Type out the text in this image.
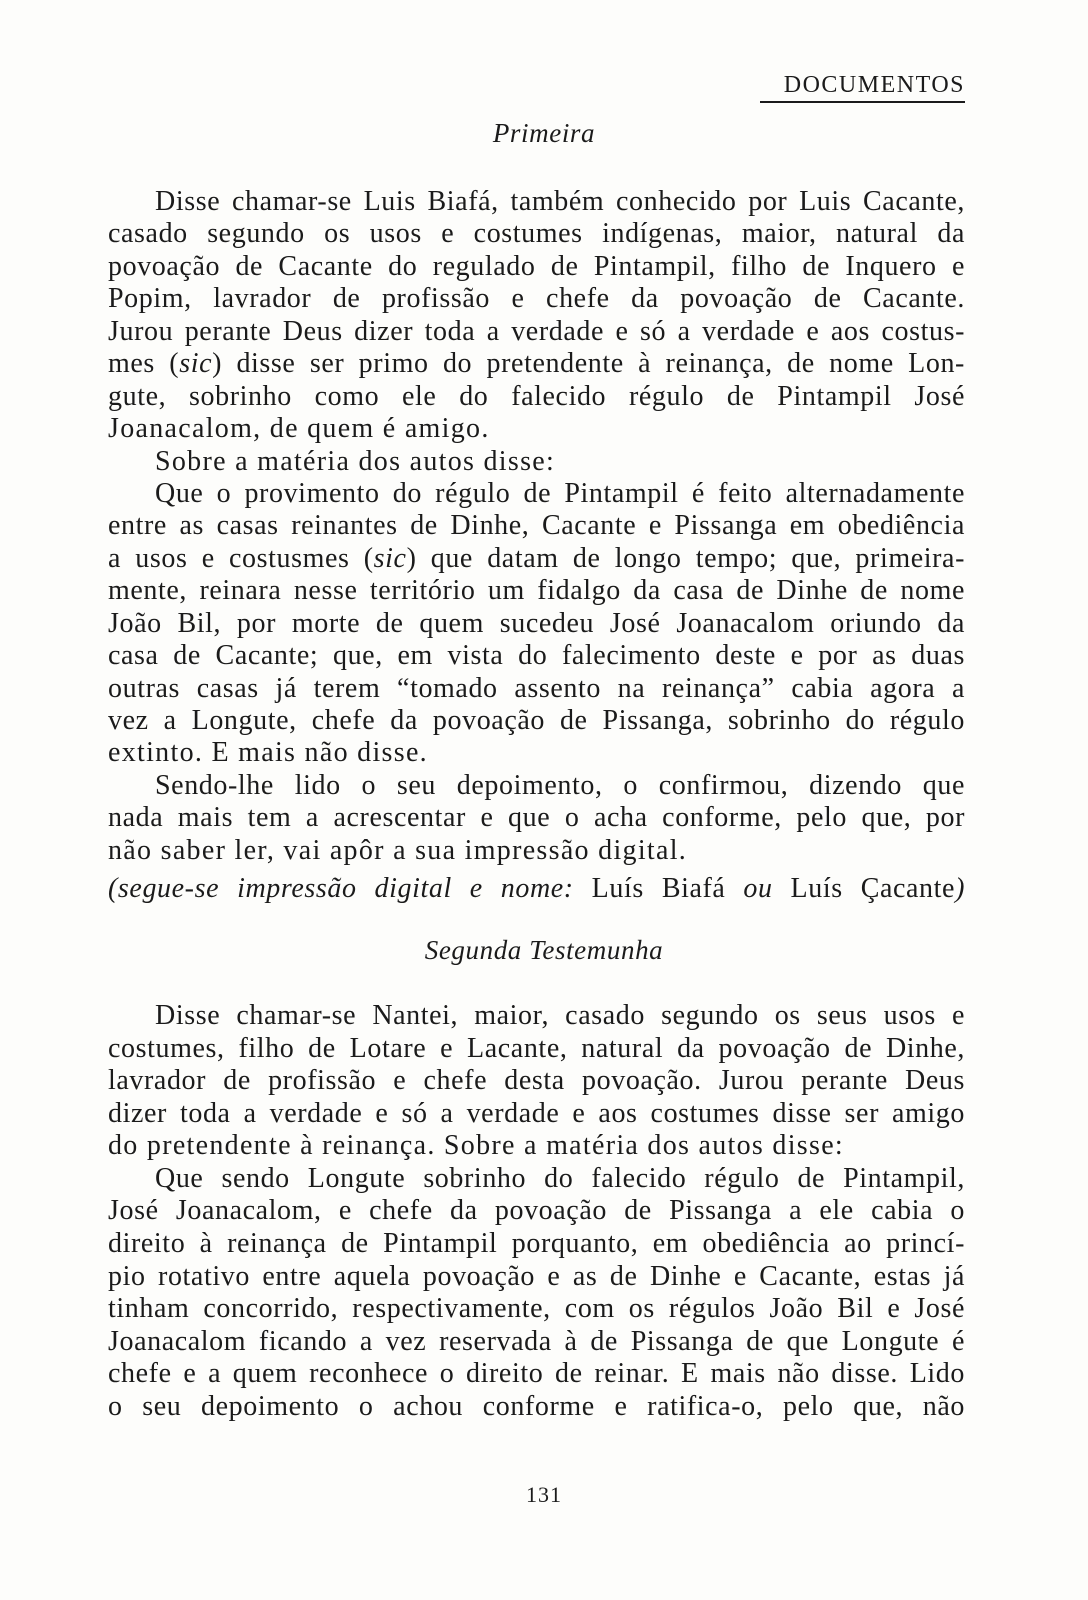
DOCUMENTOS
Primeira
Disse chamar-se Luis Biafá, também conhecido por Luis Cacante,
casado segundo os usos e costumes indígenas, maior, natural da
povoação de Cacante do regulado de Pintampil, filho de Inquero e
Popim, lavrador de profissão e chefe da povoação de Cacante.
Jurou perante Deus dizer toda a verdade e só a verdade e aos costus-
mes (sic) disse ser primo do pretendente à reinança, de nome Lon-
gute, sobrinho como ele do falecido régulo de Pintampil José
Joanacalom, de quem é amigo.
Sobre a matéria dos autos disse:
Que o provimento do régulo de Pintampil é feito alternadamente
entre as casas reinantes de Dinhe, Cacante e Pissanga em obediência
a usos e costusmes (sic) que datam de longo tempo; que, primeira-
mente, reinara nesse território um fidalgo da casa de Dinhe de nome
João Bil, por morte de quem sucedeu José Joanacalom oriundo da
casa de Cacante; que, em vista do falecimento deste e por as duas
outras casas já terem “tomado assento na reinança” cabia agora a
vez a Longute, chefe da povoação de Pissanga, sobrinho do régulo
extinto. E mais não disse.
Sendo-lhe lido o seu depoimento, o confirmou, dizendo que
nada mais tem a acrescentar e que o acha conforme, pelo que, por
não saber ler, vai apôr a sua impressão digital.
(segue-se impressão digital e nome: Luís Biafá ou Luís Çacante)
Segunda Testemunha
Disse chamar-se Nantei, maior, casado segundo os seus usos e
costumes, filho de Lotare e Lacante, natural da povoação de Dinhe,
lavrador de profissão e chefe desta povoação. Jurou perante Deus
dizer toda a verdade e só a verdade e aos costumes disse ser amigo
do pretendente à reinança. Sobre a matéria dos autos disse:
Que sendo Longute sobrinho do falecido régulo de Pintampil,
José Joanacalom, e chefe da povoação de Pissanga a ele cabia o
direito à reinança de Pintampil porquanto, em obediência ao princí-
pio rotativo entre aquela povoação e as de Dinhe e Cacante, estas já
tinham concorrido, respectivamente, com os régulos João Bil e José
Joanacalom ficando a vez reservada à de Pissanga de que Longute é
chefe e a quem reconhece o direito de reinar. E mais não disse. Lido
o seu depoimento o achou conforme e ratifica-o, pelo que, não
131
